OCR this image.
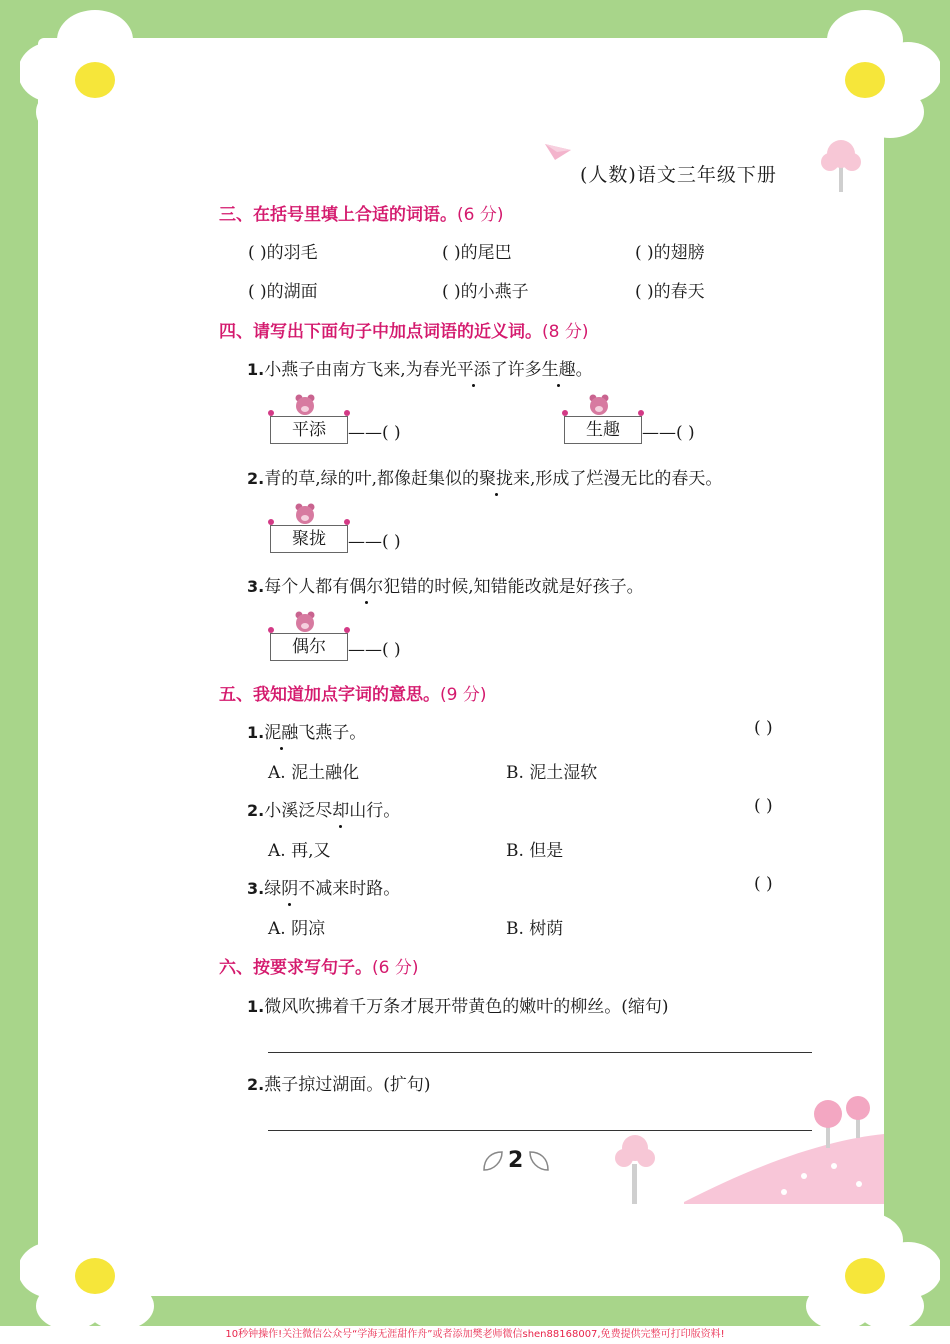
(人数)语文三年级下册
三、在括号里填上合适的词语。(6 分)
( )的羽毛	( )的尾巴	( )的翅膀
( )的湖面	( )的小燕子	( )的春天
四、请写出下面句子中加点词语的近义词。(8 分)
1.小燕子由南方飞来,为春光平添了许多生趣。
平添	——( )	生趣	——( )
2.青的草,绿的叶,都像赶集似的聚拢来,形成了烂漫无比的春天。
聚拢	——( )
3.每个人都有偶尔犯错的时候,知错能改就是好孩子。
偶尔	——( )
五、我知道加点字词的意思。(9 分)
1.泥融飞燕子。	( )
A. 泥土融化	B. 泥土湿软
2.小溪泛尽却山行。	( )
A. 再,又	B. 但是
3.绿阴不减来时路。	( )
A. 阴凉	B. 树荫
六、按要求写句子。(6 分)
1.微风吹拂着千万条才展开带黄色的嫩叶的柳丝。(缩句)
2.燕子掠过湖面。(扩句)
2
10秒钟操作!关注微信公众号“学海无涯甜作舟”或者添加樊老师微信shen88168007,免费提供完整可打印版资料!
